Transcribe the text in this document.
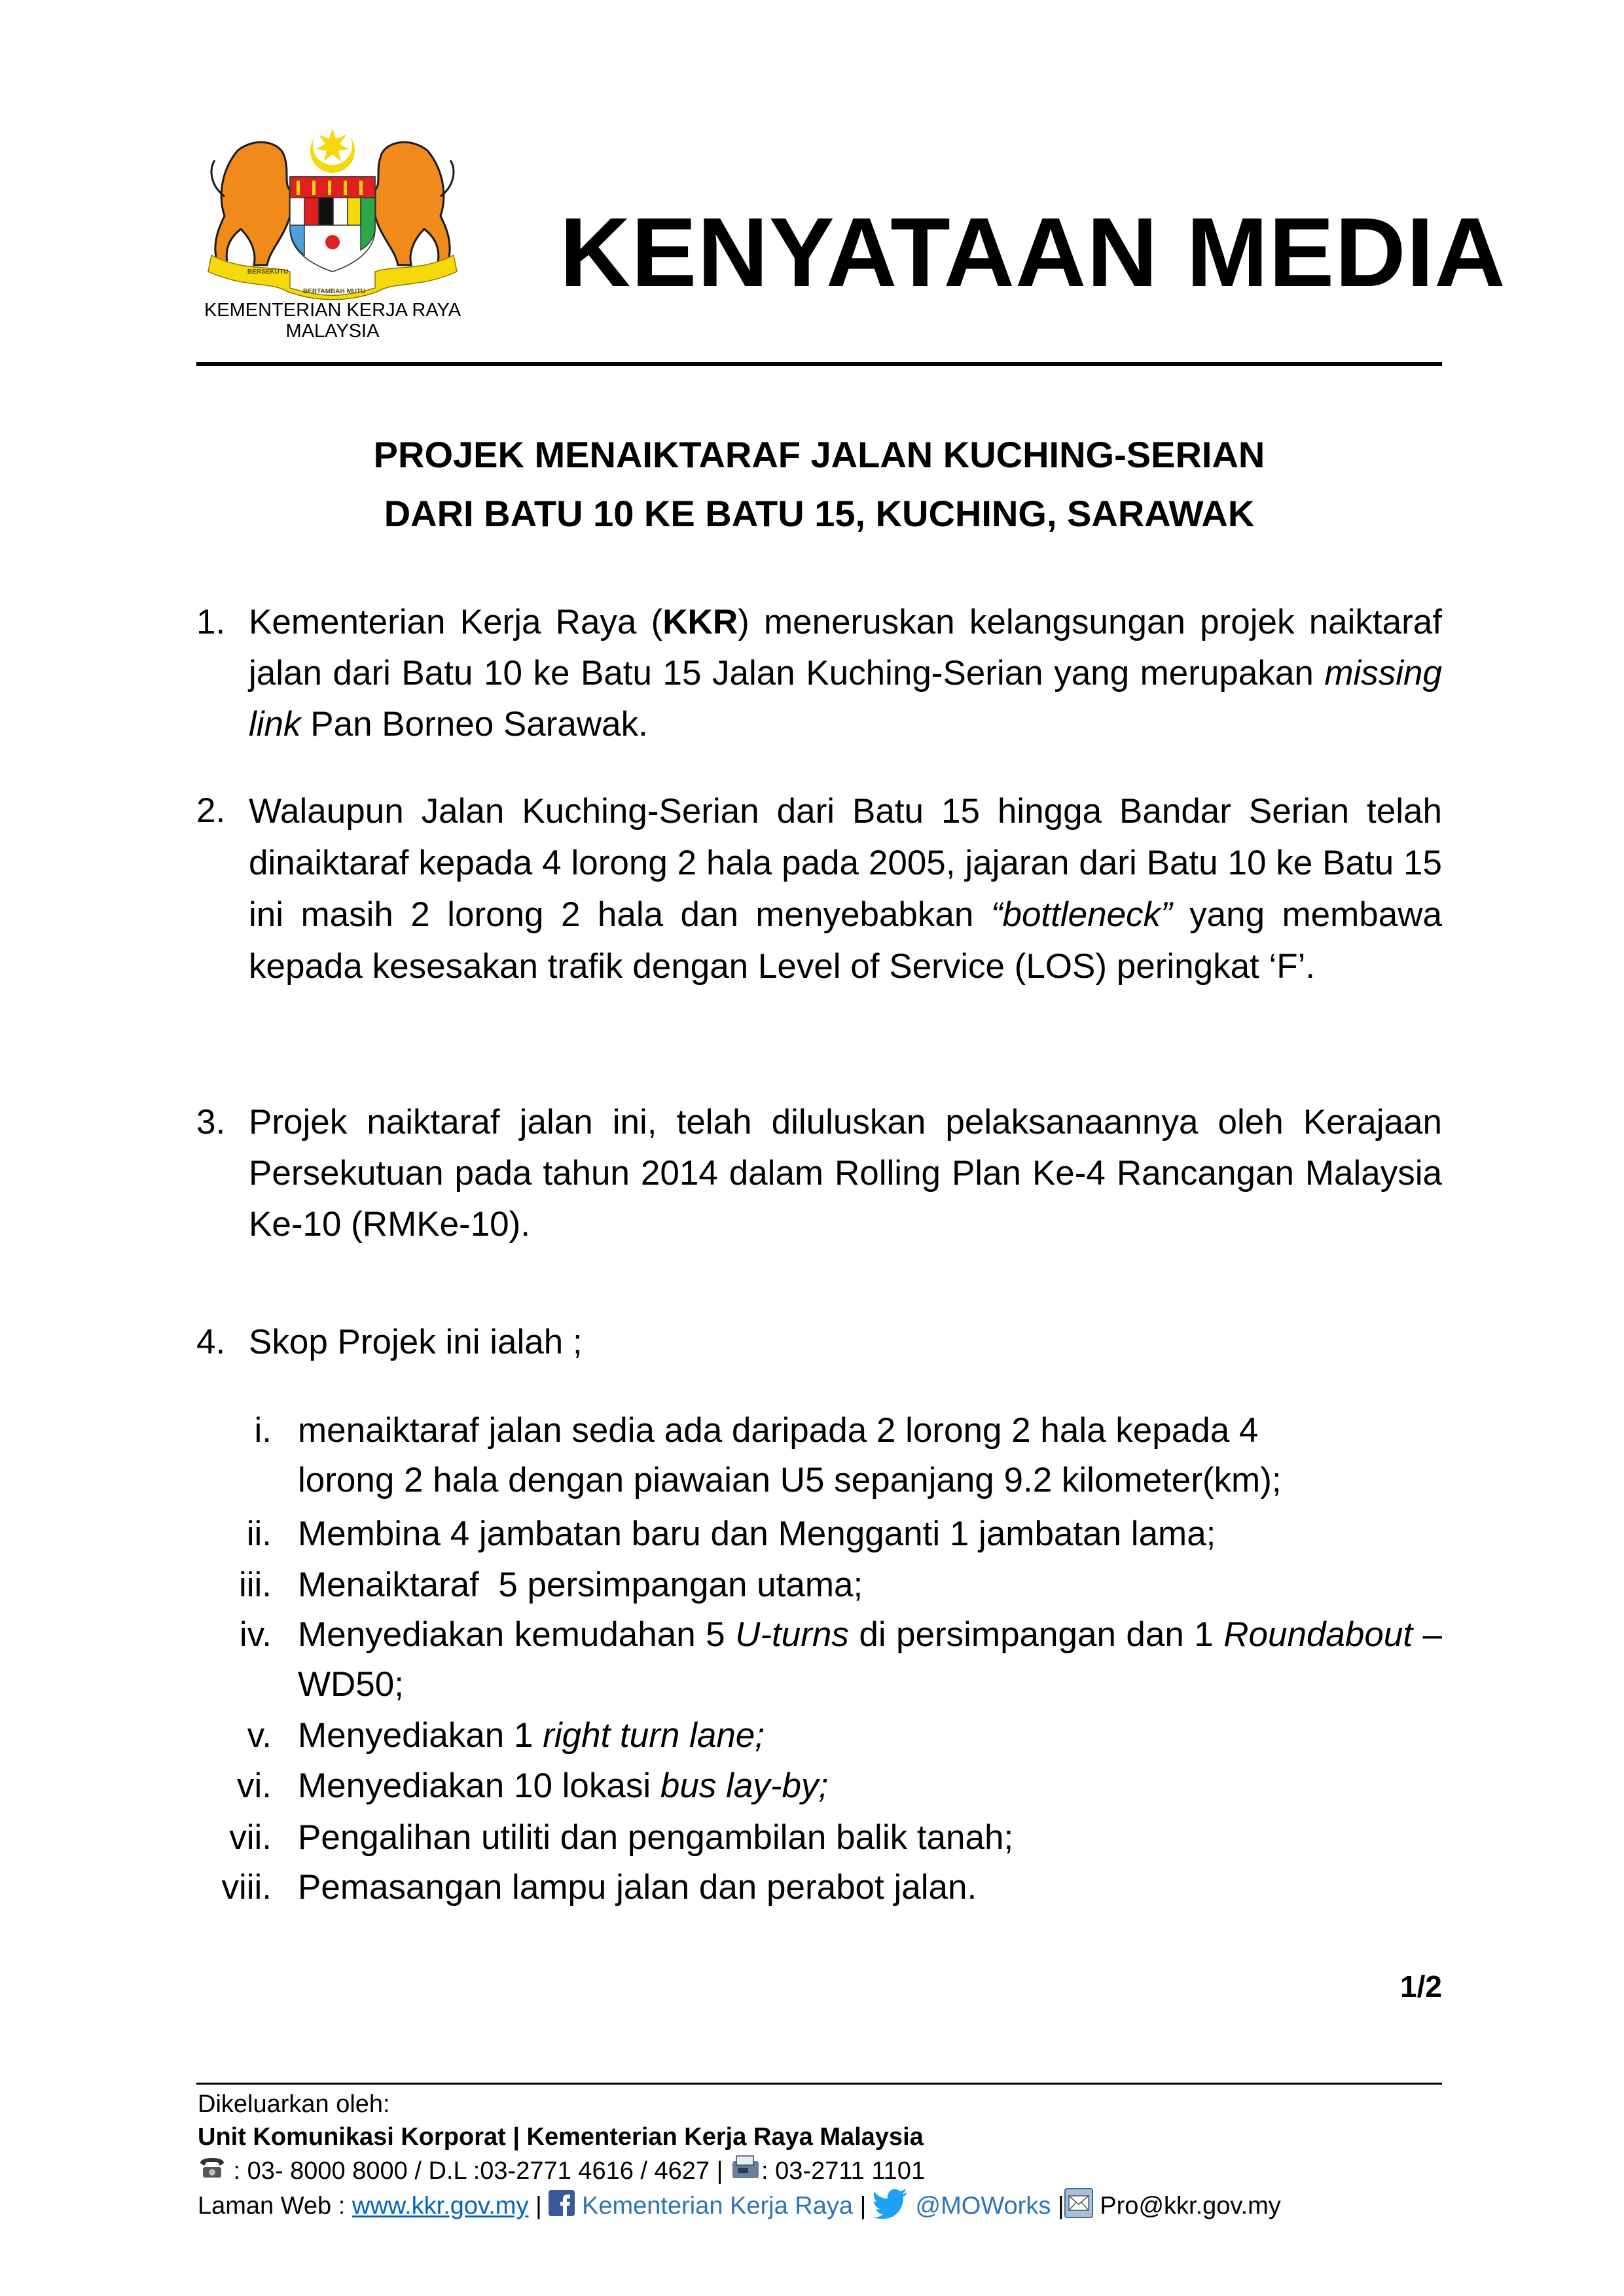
BERSEKUTU
BERTAMBAH MUTU
KEMENTERIAN KERJA RAYA
MALAYSIA
KENYATAAN MEDIA
PROJEK MENAIKTARAF JALAN KUCHING-SERIAN
DARI BATU 10 KE BATU 15, KUCHING, SARAWAK
1. Kementerian Kerja Raya (KKR) meneruskan kelangsungan projek naiktaraf jalan dari Batu 10 ke Batu 15 Jalan Kuching-Serian yang merupakan missing link Pan Borneo Sarawak.
2. Walaupun Jalan Kuching-Serian dari Batu 15 hingga Bandar Serian telah dinaiktaraf kepada 4 lorong 2 hala pada 2005, jajaran dari Batu 10 ke Batu 15 ini masih 2 lorong 2 hala dan menyebabkan “bottleneck” yang membawa kepada kesesakan trafik dengan Level of Service (LOS) peringkat ‘F’.
3. Projek naiktaraf jalan ini, telah diluluskan pelaksanaannya oleh Kerajaan Persekutuan pada tahun 2014 dalam Rolling Plan Ke-4 Rancangan Malaysia Ke-10 (RMKe-10).
4. Skop Projek ini ialah ;
i. menaiktaraf jalan sedia ada daripada 2 lorong 2 hala kepada 4 lorong 2 hala dengan piawaian U5 sepanjang 9.2 kilometer(km);
ii. Membina 4 jambatan baru dan Mengganti 1 jambatan lama;
iii. Menaiktaraf  5 persimpangan utama;
iv. Menyediakan kemudahan 5 U-turns di persimpangan dan 1 Roundabout – WD50;
v. Menyediakan 1 right turn lane;
vi. Menyediakan 10 lokasi bus lay-by;
vii. Pengalihan utiliti dan pengambilan balik tanah;
viii. Pemasangan lampu jalan dan perabot jalan.
1/2
Dikeluarkan oleh:
Unit Komunikasi Korporat | Kementerian Kerja Raya Malaysia
: 03- 8000 8000 / D.L :03-2771 4616 / 4627 | : 03-2711 1101
Laman Web : www.kkr.gov.my |  Kementerian Kerja Raya |  @MOWorks | Pro@kkr.gov.my
